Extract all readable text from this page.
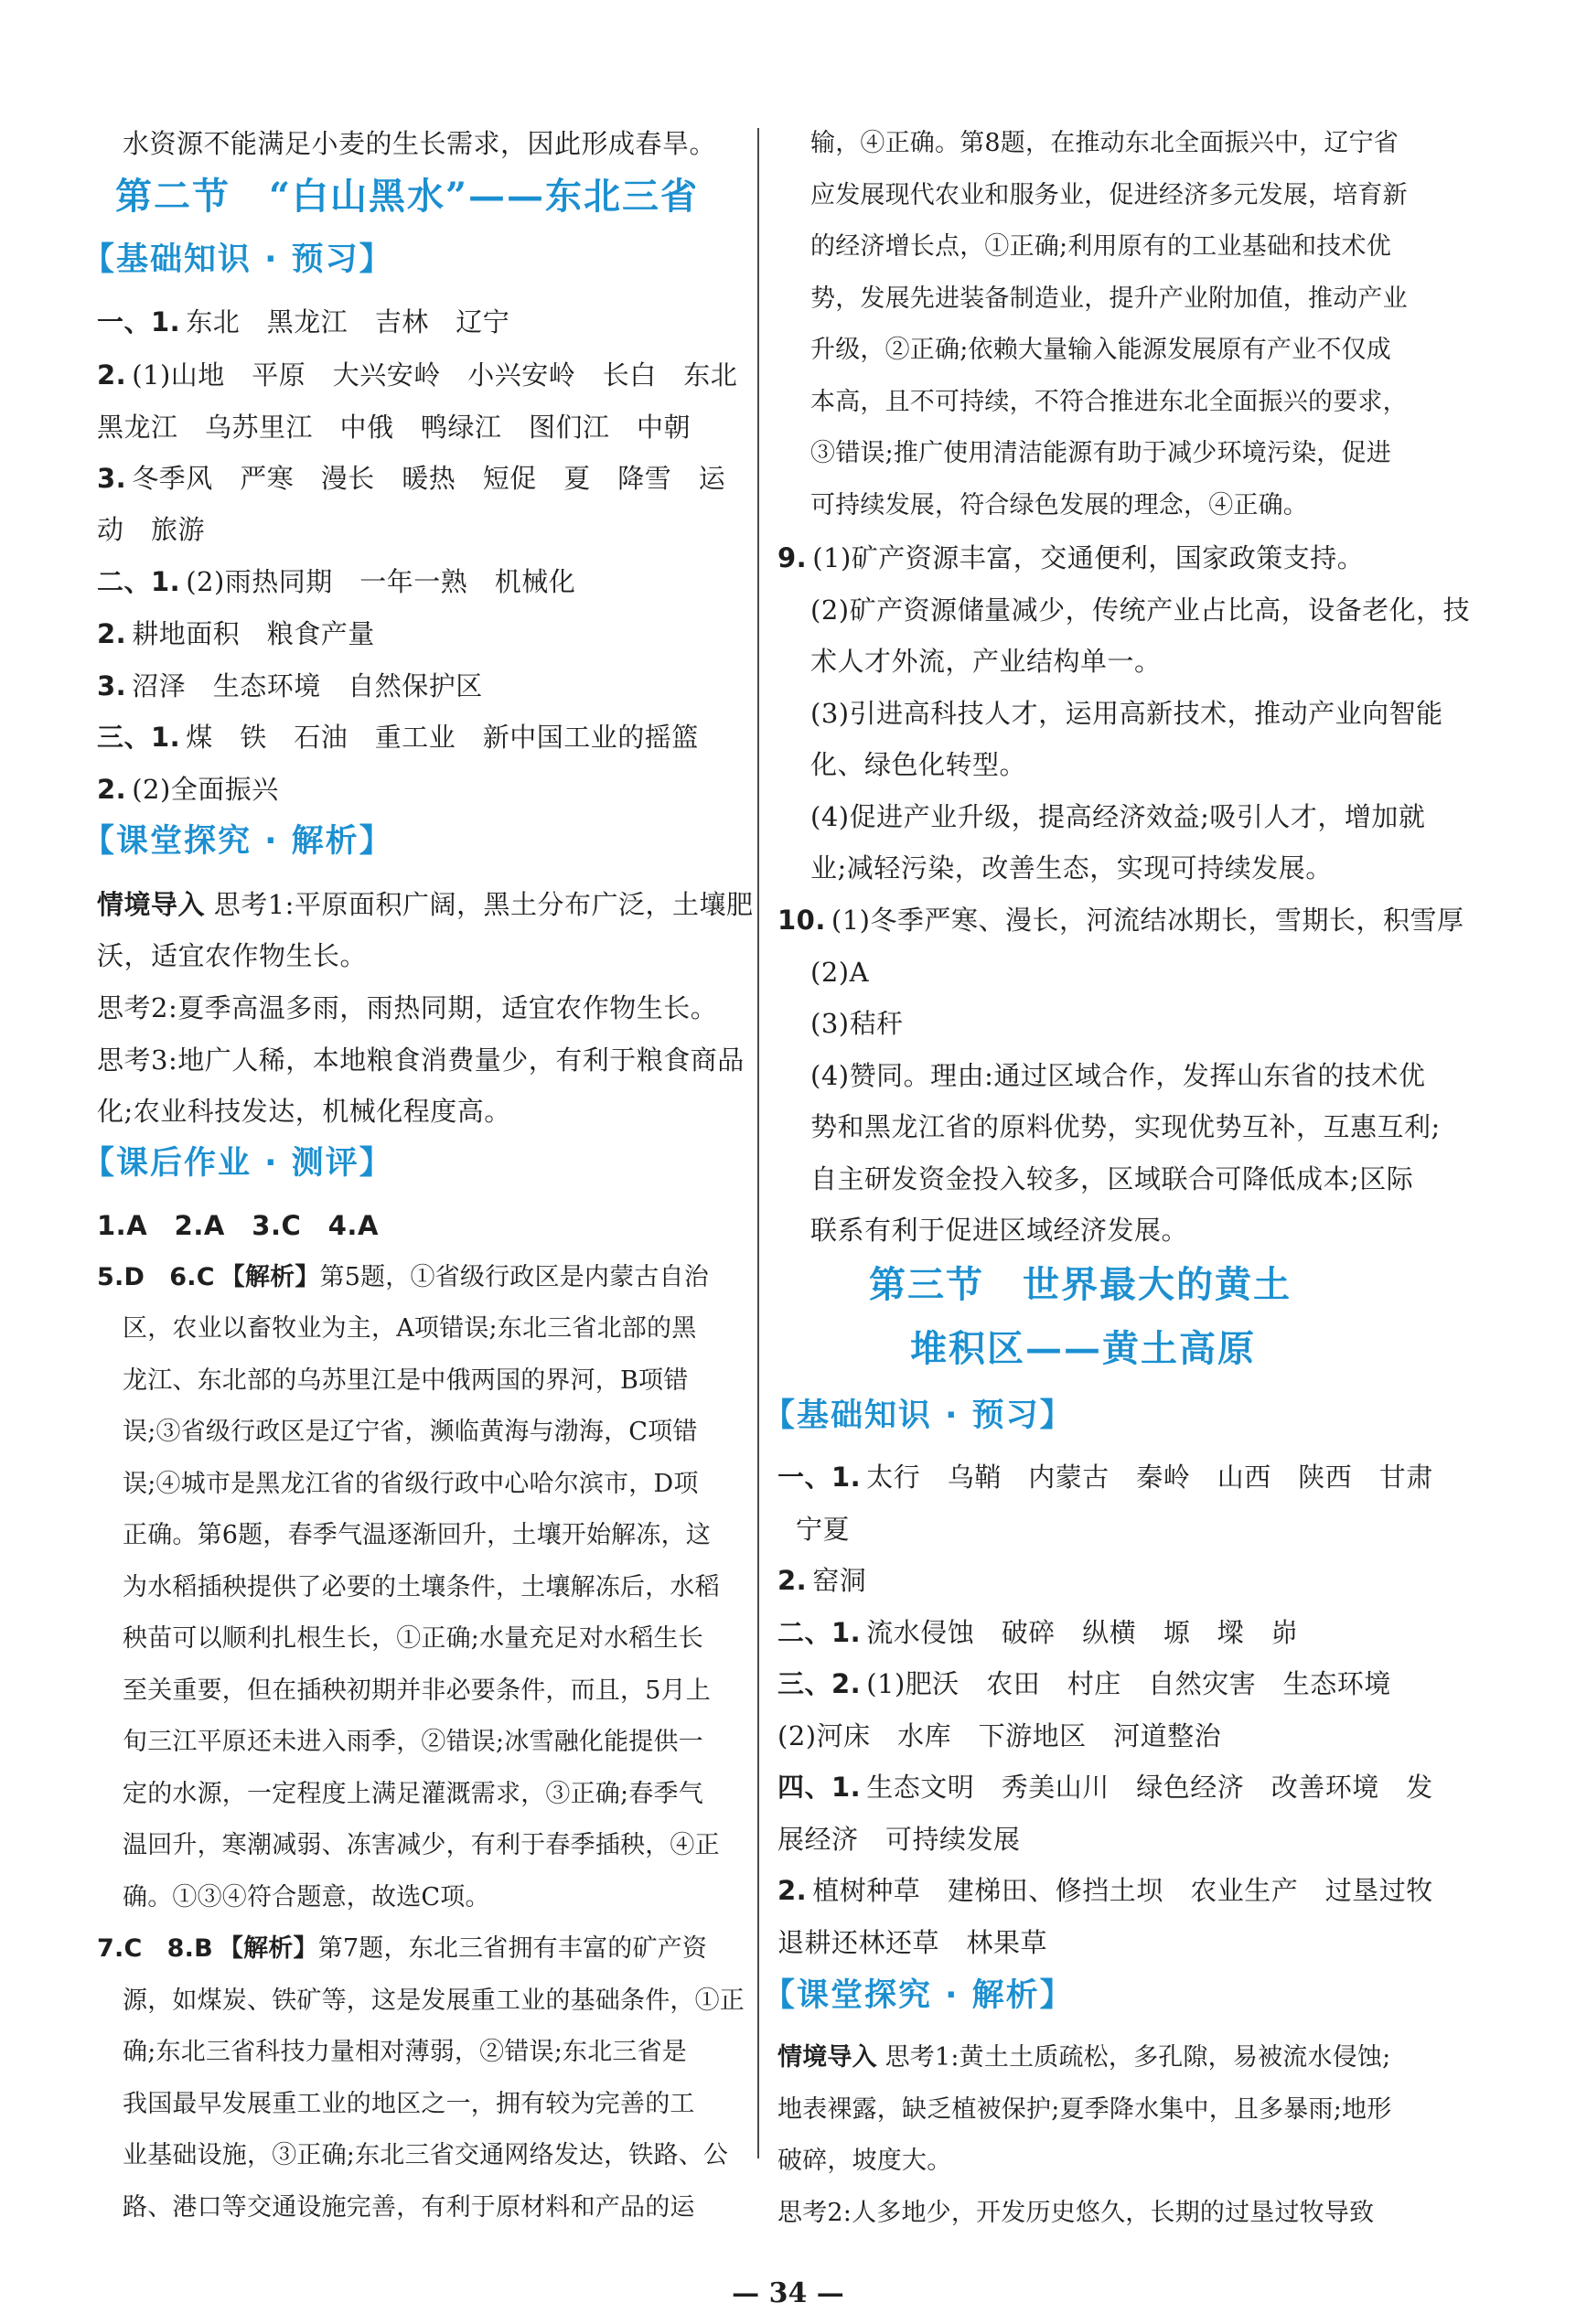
水资源不能满足小麦的生长需求，因此形成春旱。
第二节　“白山黑水”——东北三省
【基础知识 · 预习】
一、1. 东北　黑龙江　吉林　辽宁
2. (1)山地　平原　大兴安岭　小兴安岭　长白　东北
黑龙江　乌苏里江　中俄　鸭绿江　图们江　中朝
3. 冬季风　严寒　漫长　暖热　短促　夏　降雪　运
动　旅游
二、1. (2)雨热同期　一年一熟　机械化
2. 耕地面积　粮食产量
3. 沼泽　生态环境　自然保护区
三、1. 煤　铁　石油　重工业　新中国工业的摇篮
2. (2)全面振兴
【课堂探究 · 解析】
情境导入 思考1:平原面积广阔，黑土分布广泛，土壤肥
沃，适宜农作物生长。
思考2:夏季高温多雨，雨热同期，适宜农作物生长。
思考3:地广人稀，本地粮食消费量少，有利于粮食商品
化;农业科技发达，机械化程度高。
【课后作业 · 测评】
1.A　2.A　3.C　4.A
5.D　6.C 【解析】第5题，①省级行政区是内蒙古自治
区，农业以畜牧业为主，A项错误;东北三省北部的黑
龙江、东北部的乌苏里江是中俄两国的界河，B项错
误;③省级行政区是辽宁省，濒临黄海与渤海，C项错
误;④城市是黑龙江省的省级行政中心哈尔滨市，D项
正确。第6题，春季气温逐渐回升，土壤开始解冻，这
为水稻插秧提供了必要的土壤条件，土壤解冻后，水稻
秧苗可以顺利扎根生长，①正确;水量充足对水稻生长
至关重要，但在插秧初期并非必要条件，而且，5月上
旬三江平原还未进入雨季，②错误;冰雪融化能提供一
定的水源，一定程度上满足灌溉需求，③正确;春季气
温回升，寒潮减弱、冻害减少，有利于春季插秧，④正
确。①③④符合题意，故选C项。
7.C　8.B 【解析】第7题，东北三省拥有丰富的矿产资
源，如煤炭、铁矿等，这是发展重工业的基础条件，①正
确;东北三省科技力量相对薄弱，②错误;东北三省是
我国最早发展重工业的地区之一，拥有较为完善的工
业基础设施，③正确;东北三省交通网络发达，铁路、公
路、港口等交通设施完善，有利于原材料和产品的运
输，④正确。第8题，在推动东北全面振兴中，辽宁省
应发展现代农业和服务业，促进经济多元发展，培育新
的经济增长点，①正确;利用原有的工业基础和技术优
势，发展先进装备制造业，提升产业附加值，推动产业
升级，②正确;依赖大量输入能源发展原有产业不仅成
本高，且不可持续，不符合推进东北全面振兴的要求，
③错误;推广使用清洁能源有助于减少环境污染，促进
可持续发展，符合绿色发展的理念，④正确。
9. (1)矿产资源丰富，交通便利，国家政策支持。
(2)矿产资源储量减少，传统产业占比高，设备老化，技
术人才外流，产业结构单一。
(3)引进高科技人才，运用高新技术，推动产业向智能
化、绿色化转型。
(4)促进产业升级，提高经济效益;吸引人才，增加就
业;减轻污染，改善生态，实现可持续发展。
10. (1)冬季严寒、漫长，河流结冰期长，雪期长，积雪厚
(2)A
(3)秸秆
(4)赞同。理由:通过区域合作，发挥山东省的技术优
势和黑龙江省的原料优势，实现优势互补，互惠互利;
自主研发资金投入较多，区域联合可降低成本;区际
联系有利于促进区域经济发展。
第三节　世界最大的黄土
堆积区——黄土高原
【基础知识 · 预习】
一、1. 太行　乌鞘　内蒙古　秦岭　山西　陕西　甘肃
宁夏
2. 窑洞
二、1. 流水侵蚀　破碎　纵横　塬　墚　峁
三、2. (1)肥沃　农田　村庄　自然灾害　生态环境
(2)河床　水库　下游地区　河道整治
四、1. 生态文明　秀美山川　绿色经济　改善环境　发
展经济　可持续发展
2. 植树种草　建梯田、修挡土坝　农业生产　过垦过牧
退耕还林还草　林果草
【课堂探究 · 解析】
情境导入 思考1:黄土土质疏松，多孔隙，易被流水侵蚀;
地表裸露，缺乏植被保护;夏季降水集中，且多暴雨;地形
破碎，坡度大。
思考2:人多地少，开发历史悠久，长期的过垦过牧导致
— 34 —
